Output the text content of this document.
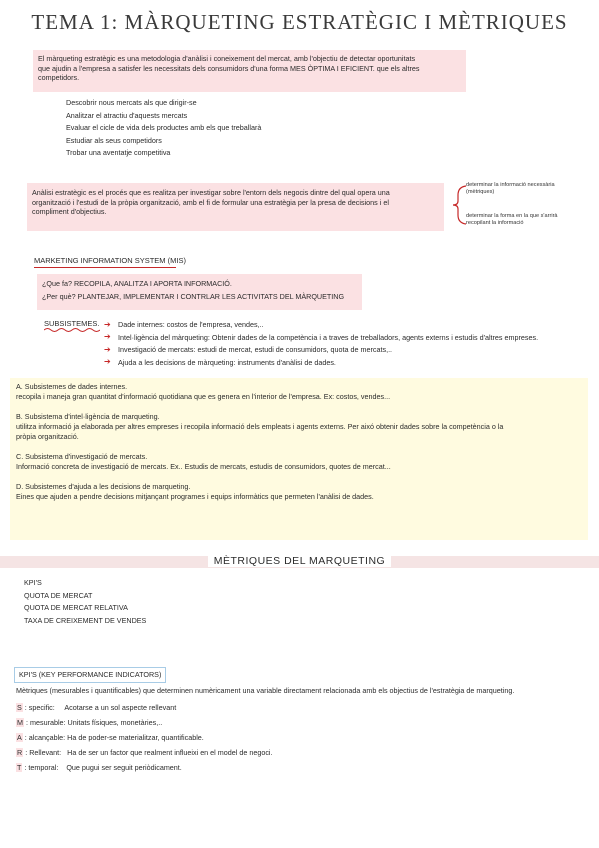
TEMA 1: MÀRQUETING ESTRATÈGIC I MÈTRIQUES
El màrqueting estratègic es una metodologia d'anàlisi i coneixement del mercat, amb l'objectiu de detectar oportunitats
que ajudin a l'empresa a satisfer les necessitats dels consumidors d'una forma MES ÒPTIMA I EFICIENT. que els altres
competidors.
Descobrir nous mercats als que dirigir-se
Analitzar el atractiu d'aquests mercats
Evaluar el cicle de vida dels productes amb els que treballarà
Estudiar als seus competidors
Trobar una aventatje competitiva
Anàlisi estratègic es el procés que es realitza per investigar sobre l'entorn dels negocis dintre del qual opera una
organització i l'estudi de la pròpia organització, amb el fi de formular una estratègia per la presa de decisions i el
compliment d'objectius.
determinar la informació necessària
(mètriques)
determinar la forma en la que s'arrirà
recopilant la informació
MARKETING INFORMATION SYSTEM (MIS)
¿Que fa? RECOPILA, ANALITZA I APORTA INFORMACIÓ.
¿Per què? PLANTEJAR, IMPLEMENTAR I CONTRLAR LES ACTIVITATS DEL MÀRQUETING
SUBSISTEMES. ➔	Dade internes: costos de l'empresa, vendes,..
➔	Intel·ligència del màrqueting: Obtenir dades de la competència i a traves de treballadors, agents externs i estudis d'altres empreses.
➔	Investigació de mercats: estudi de mercat, estudi de consumidors, quota de mercats,..
➔	Ajuda a les decisions de màrqueting: instruments d'anàlisi de dades.
A. Subsistemes de dades internes.
recopila i maneja gran quantitat d'informació quotidiana que es genera en l'interior de l'empresa. Ex: costos, vendes...
B. Subsistema d'intel·ligència de marqueting.
utilitza informació ja elaborada per altres empreses i recopila informació dels empleats i agents externs. Per aixó obtenir dades sobre la competència o la
pròpia organització.
C. Subsistema d'investigació de mercats.
Informació concreta de investigació de mercats. Ex.. Estudis de mercats, estudis de consumidors, quotes de mercat...
D. Subsistemes d'ajuda a les decisions de marqueting.
Eines que ajuden a pendre decisions mitjançant programes i equips informàtics que permeten l'anàlisi de dades.
MÈTRIQUES DEL MARQUETING
KPI'S
QUOTA DE MERCAT
QUOTA DE MERCAT RELATIVA
TAXA DE CREIXEMENT DE VENDES
KPI'S (KEY PERFORMANCE INDICATORS)
Mètriques (mesurables i quantificables) que determinen numèricament una variable directament relacionada amb els objectius de l'estratègia de marqueting.
S : specific:     Acotarse a un sol aspecte rellevant
M : mesurable: Unitats físiques, monetàries,..
A : alcançable: Ha de poder-se materialitzar, quantificable.
R : Rellevant:   Ha de ser un factor que realment influeixi en el model de negoci.
T : temporal:    Que pugui ser seguit periòdicament.
